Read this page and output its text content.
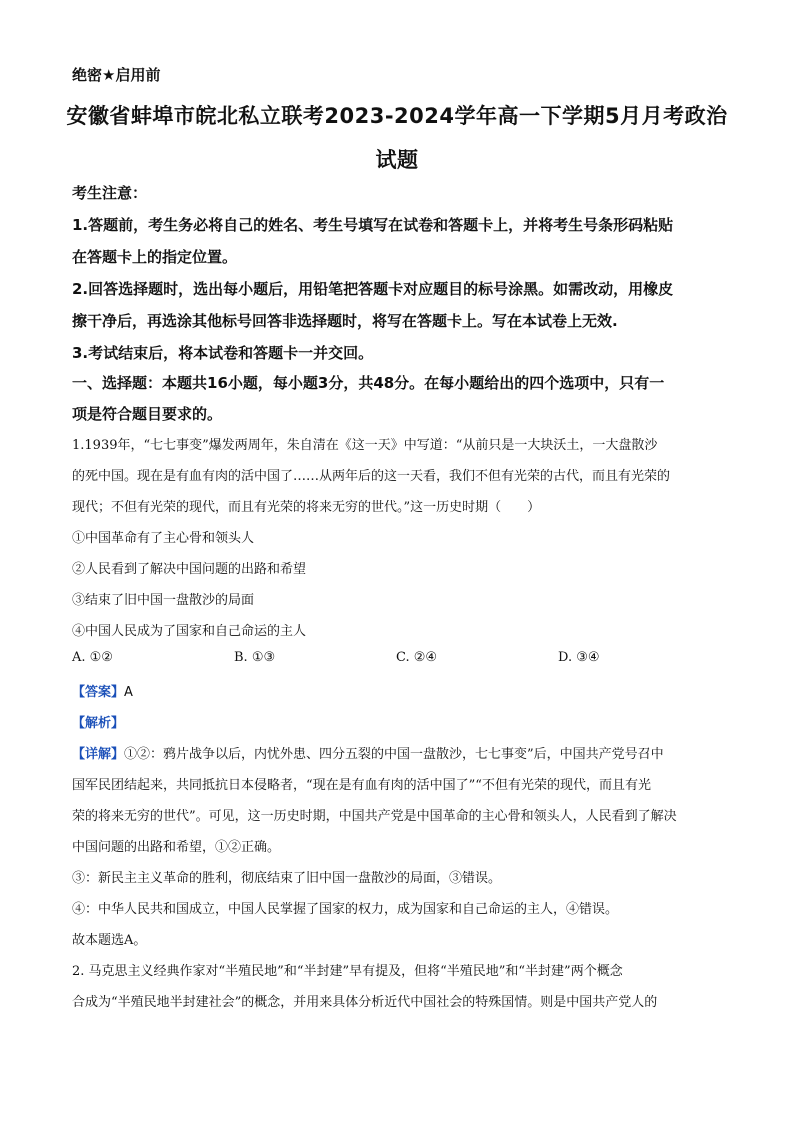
绝密★启用前
安徽省蚌埠市皖北私立联考2023-2024学年高一下学期5月月考政治
试题
考生注意：
1.答题前，考生务必将自己的姓名、考生号填写在试卷和答题卡上，并将考生号条形码粘贴
在答题卡上的指定位置。
2.回答选择题时，选出每小题后，用铅笔把答题卡对应题目的标号涂黑。如需改动，用橡皮
擦干净后，再选涂其他标号回答非选择题时，将写在答题卡上。写在本试卷上无效.
3.考试结束后，将本试卷和答题卡一并交回。
一、选择题：本题共16小题，每小题3分，共48分。在每小题给出的四个选项中，只有一
项是符合题目要求的。
1.1939年，“七七事变”爆发两周年，朱自清在《这一天》中写道：“从前只是一大块沃土，一大盘散沙
的死中国。现在是有血有肉的活中国了……从两年后的这一天看，我们不但有光荣的古代，而且有光荣的
现代；不但有光荣的现代，而且有光荣的将来无穷的世代。”这一历史时期（　　）
①中国革命有了主心骨和领头人
②人民看到了解决中国问题的出路和希望
③结束了旧中国一盘散沙的局面
④中国人民成为了国家和自己命运的主人
A. ①②	B. ①③	C. ②④	D. ③④
【答案】A
【解析】
【详解】①②：鸦片战争以后，内忧外患、四分五裂的中国一盘散沙，七七事变”后，中国共产党号召中
国军民团结起来，共同抵抗日本侵略者，“现在是有血有肉的活中国了”“不但有光荣的现代，而且有光
荣的将来无穷的世代”。可见，这一历史时期，中国共产党是中国革命的主心骨和领头人，人民看到了解决
中国问题的出路和希望，①②正确。
③：新民主主义革命的胜利，彻底结束了旧中国一盘散沙的局面，③错误。
④：中华人民共和国成立，中国人民掌握了国家的权力，成为国家和自己命运的主人，④错误。
故本题选A。
2. 马克思主义经典作家对“半殖民地”和“半封建”早有提及，但将“半殖民地”和“半封建”两个概念
合成为“半殖民地半封建社会”的概念，并用来具体分析近代中国社会的特殊国情。则是中国共产党人的
